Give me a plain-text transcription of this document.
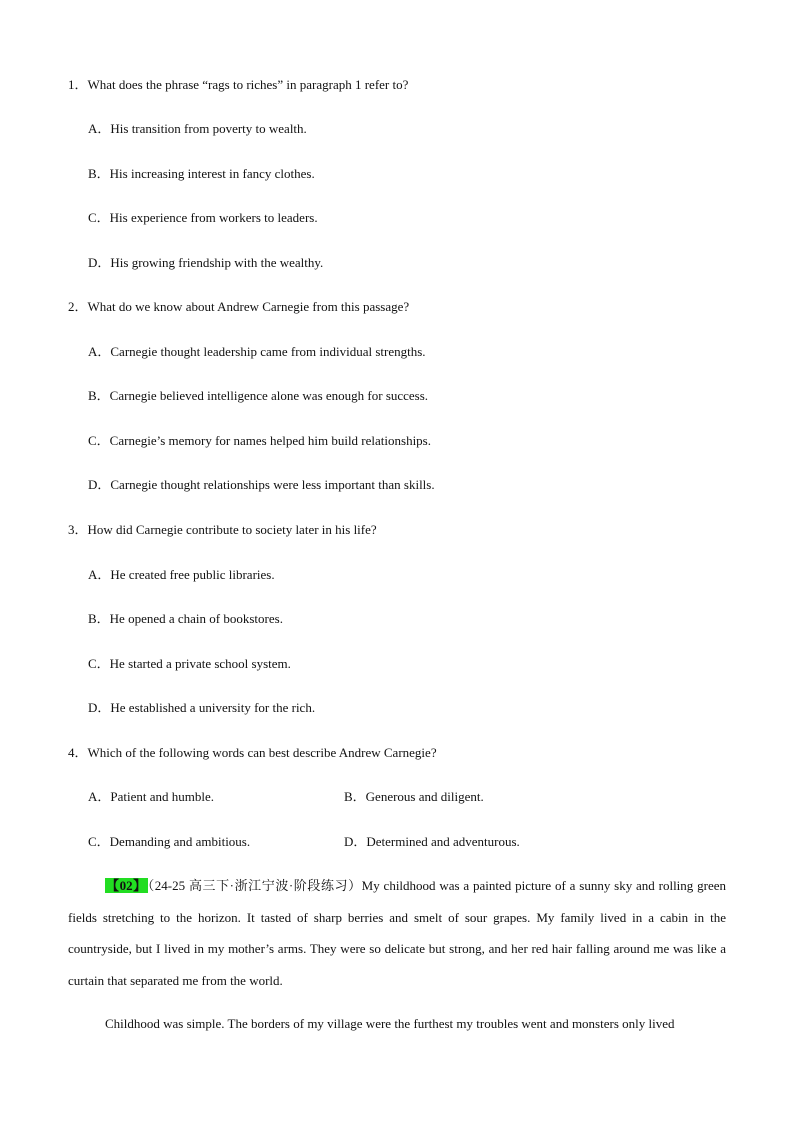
1．What does the phrase “rags to riches” in paragraph 1 refer to?
A．His transition from poverty to wealth.
B．His increasing interest in fancy clothes.
C．His experience from workers to leaders.
D．His growing friendship with the wealthy.
2．What do we know about Andrew Carnegie from this passage?
A．Carnegie thought leadership came from individual strengths.
B．Carnegie believed intelligence alone was enough for success.
C．Carnegie’s memory for names helped him build relationships.
D．Carnegie thought relationships were less important than skills.
3．How did Carnegie contribute to society later in his life?
A．He created free public libraries.
B．He opened a chain of bookstores.
C．He started a private school system.
D．He established a university for the rich.
4．Which of the following words can best describe Andrew Carnegie?
A．Patient and humble.	B．Generous and diligent.
C．Demanding and ambitious.	D．Determined and adventurous.
【02】（24-25 高三下·浙江宁波·阶段练习）My childhood was a painted picture of a sunny sky and rolling green fields stretching to the horizon. It tasted of sharp berries and smelt of sour grapes. My family lived in a cabin in the countryside, but I lived in my mother’s arms. They were so delicate but strong, and her red hair falling around me was like a curtain that separated me from the world.
Childhood was simple. The borders of my village were the furthest my troubles went and monsters only lived
